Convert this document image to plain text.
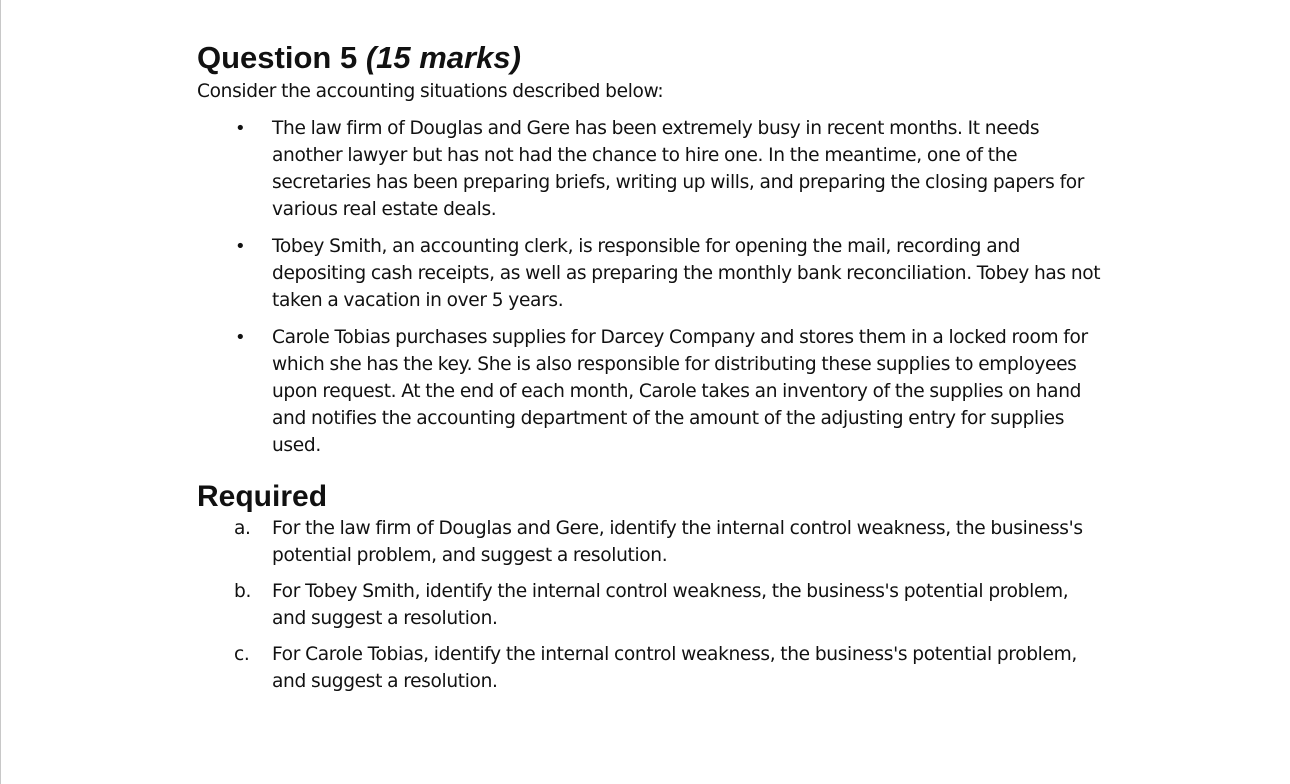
Question 5 (15 marks)

Consider the accounting situations described below:

• The law firm of Douglas and Gere has been extremely busy in recent months. It needs another lawyer but has not had the chance to hire one. In the meantime, one of the secretaries has been preparing briefs, writing up wills, and preparing the closing papers for various real estate deals.
• Tobey Smith, an accounting clerk, is responsible for opening the mail, recording and depositing cash receipts, as well as preparing the monthly bank reconciliation. Tobey has not taken a vacation in over 5 years.
• Carole Tobias purchases supplies for Darcey Company and stores them in a locked room for which she has the key. She is also responsible for distributing these supplies to employees upon request. At the end of each month, Carole takes an inventory of the supplies on hand and notifies the accounting department of the amount of the adjusting entry for supplies used.
Required
a. For the law firm of Douglas and Gere, identify the internal control weakness, the business's potential problem, and suggest a resolution.
b. For Tobey Smith, identify the internal control weakness, the business's potential problem, and suggest a resolution.
c. For Carole Tobias, identify the internal control weakness, the business's potential problem, and suggest a resolution.
